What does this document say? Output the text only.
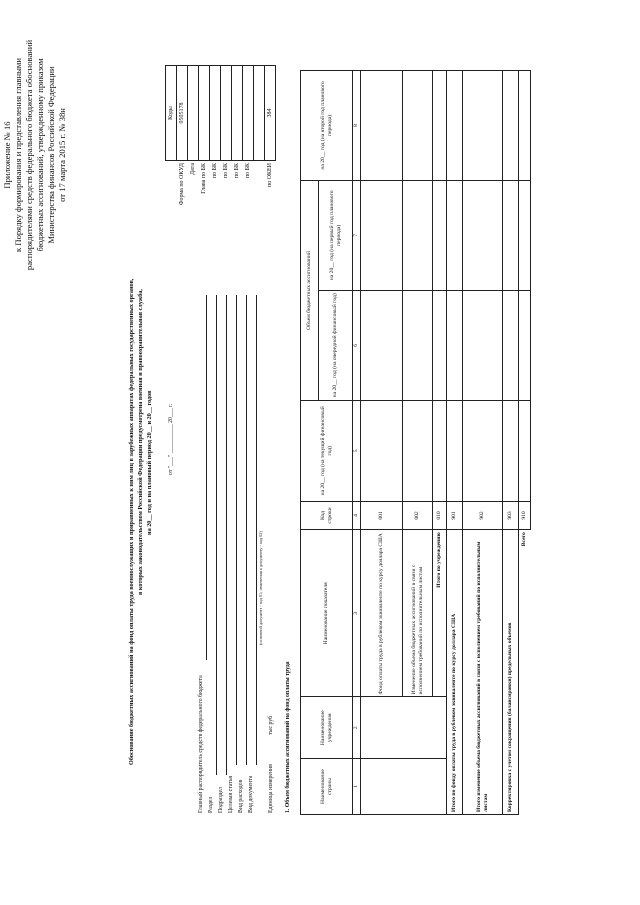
Приложение № 16 к Порядку формирования и представления главными распорядителями средств федерального бюджета обоснований бюджетных ассигнований, утвержденному приказом Министерства финансов Российской Федерации от 17 марта 2015 г. № 38н
Обоснование бюджетных ассигнований на фонд оплаты труда военнослужащих и приравненных к ним лиц в зарубежных аппаратах федеральных государственных органов, в которых законодательством Российской Федерации предусмотрена военная и правоохранительная служба, на 20__ год и на плановый период 20__ и 20__ годов	от "___" __________ 20___ г.
	Коды
Форма по ОКУД	0505178
Дата	
Глава по БК	
по БК	
по БК	
по БК	
по БК	

по ОКЕИ	384
Главный распорядитель средств федерального бюджета Раздел Подраздел Целевая статья Вид расходов Вид документа
(основной документ - код 01; изменения к документу - код 02)
Единица измерения
тыс руб 1. Объем бюджетных ассигнований на фонд оплаты труда	Наименование страны	Наименование учреждения	Наименование показателя	Код строки	на 20__ год (на текущий финансовый год)	Объем бюджетных ассигнований		на 20__ год (на второй год планового периода)
					на 20__ год (на очередной финансовый год)	на 20__ год (на первый год планового периода)	
1	2	3	4	5	6	7	8
		Фонд оплаты труда в рублевом эквиваленте по курсу доллара США	001				
		Изменение объема бюджетных ассигнований в связи с исполнением требований по исполнительным листам	002				
		Итого по учреждению	010				
Итого по фонду оплаты труда в рублевом эквиваленте по курсу доллара США			901				
Итого изменение объема бюджетных ассигнований в связи с исполнением требований по исполнительным листам			902				
Корректировка с учетом сокращения (балансировки) предельных объемов			903				
Всего			910				
